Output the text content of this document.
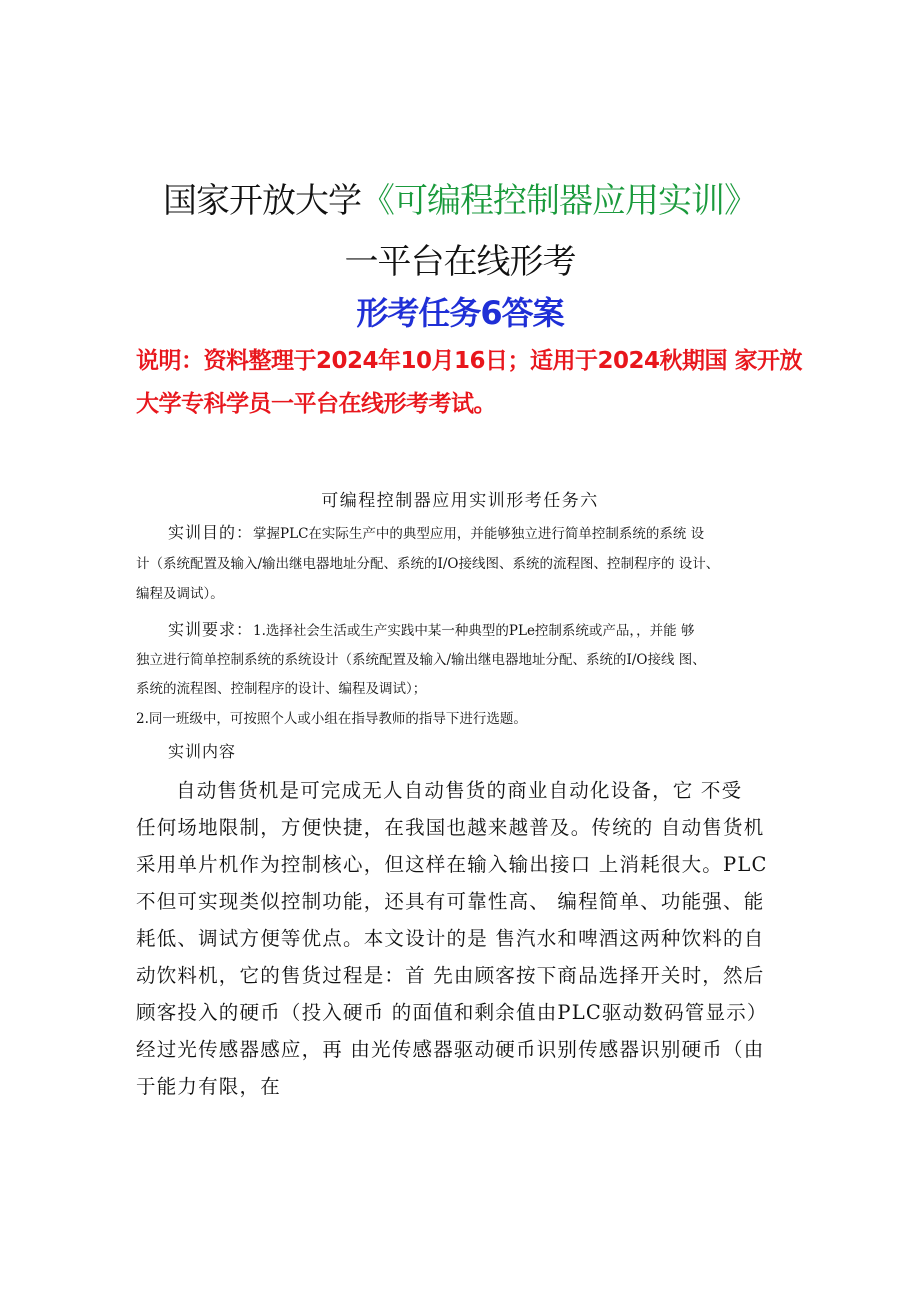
国家开放大学《可编程控制器应用实训》
一平台在线形考
形考任务6答案
说明：资料整理于2024年10月16日；适用于2024秋期国 家开放
大学专科学员一平台在线形考考试。
可编程控制器应用实训形考任务六
实训目的：掌握PLC在实际生产中的典型应用，并能够独立进行简单控制系统的系统 设
计（系统配置及输入/输出继电器地址分配、系统的I/O接线图、系统的流程图、控制程序的 设计、
编程及调试）。
实训要求：1.选择社会生活或生产实践中某一种典型的PLe控制系统或产品，，并能 够
独立进行简单控制系统的系统设计（系统配置及输入/输出继电器地址分配、系统的I/O接线 图、
系统的流程图、控制程序的设计、编程及调试）；
2.同一班级中，可按照个人或小组在指导教师的指导下进行选题。
实训内容
自动售货机是可完成无人自动售货的商业自动化设备，它 不受
任何场地限制，方便快捷，在我国也越来越普及。传统的 自动售货机
采用单片机作为控制核心，但这样在输入输出接口 上消耗很大。PLC
不但可实现类似控制功能，还具有可靠性高、 编程简单、功能强、能
耗低、调试方便等优点。本文设计的是 售汽水和啤酒这两种饮料的自
动饮料机，它的售货过程是：首 先由顾客按下商品选择开关时，然后
顾客投入的硬币（投入硬币 的面值和剩余值由PLC驱动数码管显示）
经过光传感器感应，再 由光传感器驱动硬币识别传感器识别硬币（由
于能力有限，在
